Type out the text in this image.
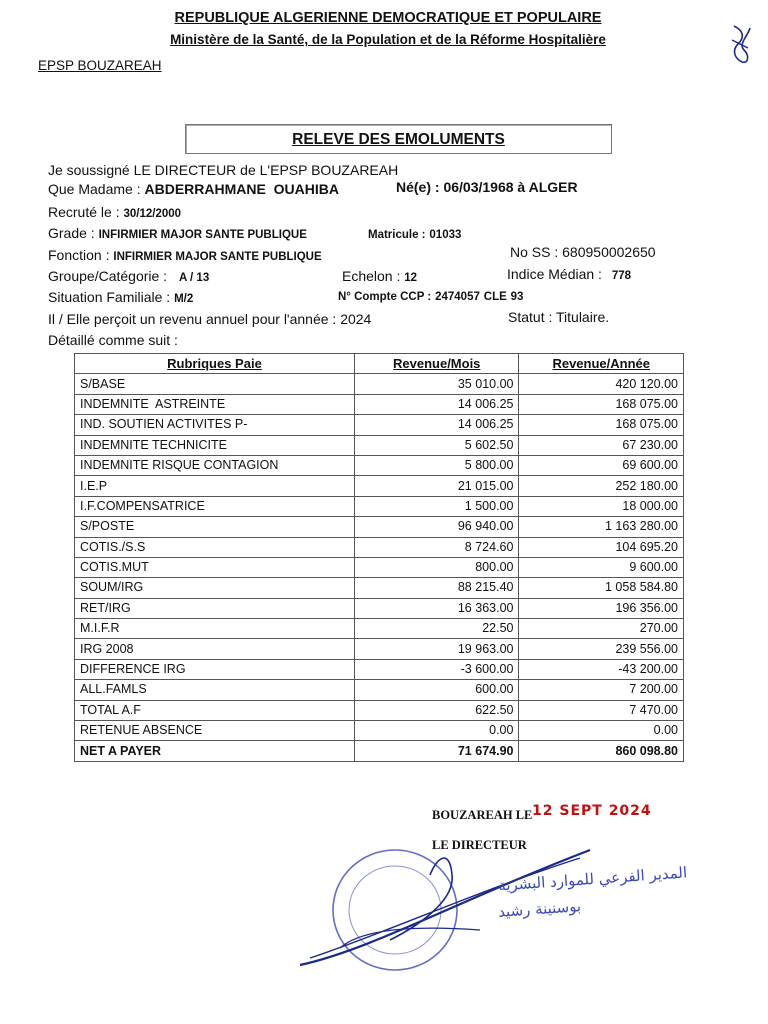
REPUBLIQUE ALGERIENNE DEMOCRATIQUE ET POPULAIRE
Ministère de la Santé, de la Population et de la Réforme Hospitalière
EPSP BOUZAREAH
RELEVE DES EMOLUMENTS
Je soussigné LE DIRECTEUR de L'EPSP BOUZAREAH
Que Madame : ABDERRAHMANE  OUAHIBA	Né(e) : 06/03/1968 à ALGER
Recruté le : 30/12/2000
Grade : INFIRMIER MAJOR SANTE PUBLIQUE	Matricule : 01033
Fonction : INFIRMIER MAJOR SANTE PUBLIQUE	No SS : 680950002650
Groupe/Catégorie : A / 13	Echelon : 12	Indice Médian : 778
Situation Familiale : M/2	N° Compte CCP : 2474057 CLE 93
Il / Elle perçoit un revenu annuel pour l'année : 2024	Statut : Titulaire.
Détaillé comme suit :
Rubriques Paie	Revenue/Mois	Revenue/Année
S/BASE	35 010.00	420 120.00
INDEMNITE  ASTREINTE	14 006.25	168 075.00
IND. SOUTIEN ACTIVITES P-	14 006.25	168 075.00
INDEMNITE TECHNICITE	5 602.50	67 230.00
INDEMNITE RISQUE CONTAGION	5 800.00	69 600.00
I.E.P	21 015.00	252 180.00
I.F.COMPENSATRICE	1 500.00	18 000.00
S/POSTE	96 940.00	1 163 280.00
COTIS./S.S	8 724.60	104 695.20
COTIS.MUT	800.00	9 600.00
SOUM/IRG	88 215.40	1 058 584.80
RET/IRG	16 363.00	196 356.00
M.I.F.R	22.50	270.00
IRG 2008	19 963.00	239 556.00
DIFFERENCE IRG	-3 600.00	-43 200.00
ALL.FAMLS	600.00	7 200.00
TOTAL A.F	622.50	7 470.00
RETENUE ABSENCE	0.00	0.00
NET A PAYER	71 674.90	860 098.80
BOUZAREAH LE 12 SEPT 2024
LE DIRECTEUR
المدير الفرعي للموارد البشرية
بوسنينة رشيد
